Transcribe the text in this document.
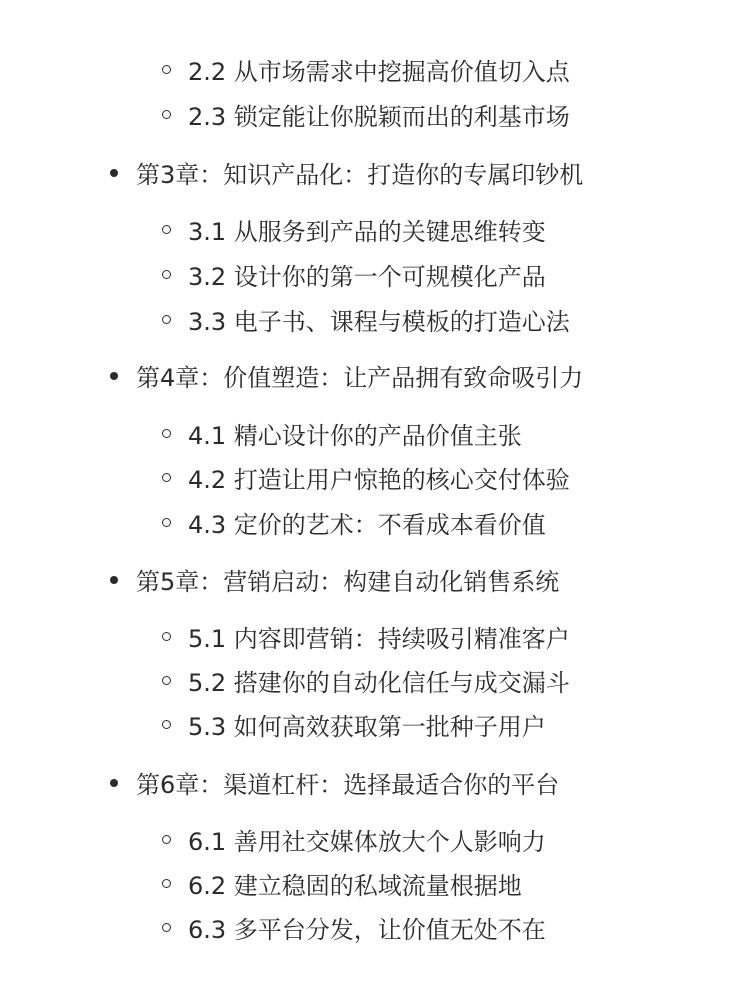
2.2 从市场需求中挖掘高价值切入点
2.3 锁定能让你脱颖而出的利基市场
第3章：知识产品化：打造你的专属印钞机
3.1 从服务到产品的关键思维转变
3.2 设计你的第一个可规模化产品
3.3 电子书、课程与模板的打造心法
第4章：价值塑造：让产品拥有致命吸引力
4.1 精心设计你的产品价值主张
4.2 打造让用户惊艳的核心交付体验
4.3 定价的艺术：不看成本看价值
第5章：营销启动：构建自动化销售系统
5.1 内容即营销：持续吸引精准客户
5.2 搭建你的自动化信任与成交漏斗
5.3 如何高效获取第一批种子用户
第6章：渠道杠杆：选择最适合你的平台
6.1 善用社交媒体放大个人影响力
6.2 建立稳固的私域流量根据地
6.3 多平台分发，让价值无处不在
